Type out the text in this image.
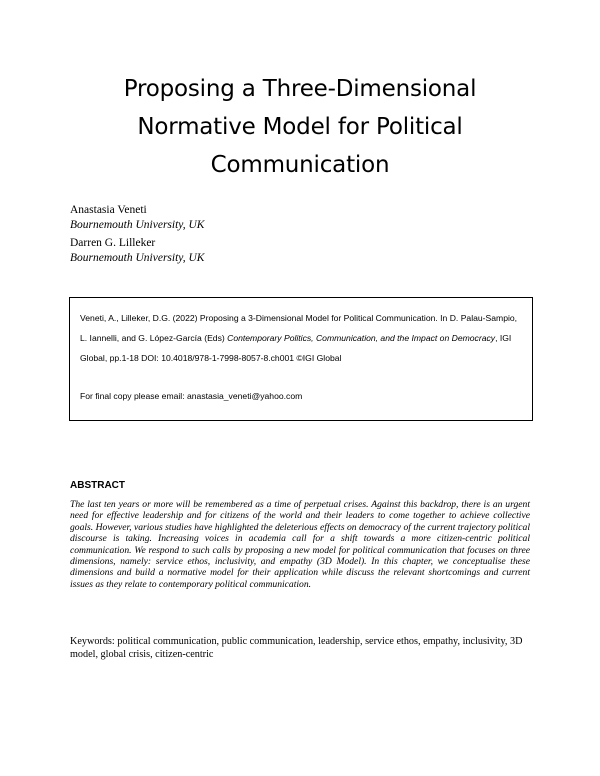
Proposing a Three-Dimensional
Normative Model for Political
Communication
Anastasia Veneti
Bournemouth University, UK
Darren G. Lilleker
Bournemouth University, UK
Veneti, A., Lilleker, D.G. (2022) Proposing a 3-Dimensional Model for Political Communication. In D. Palau-Sampio, L. Iannelli, and G. López-García (Eds) Contemporary Politics, Communication, and the Impact on Democracy, IGI Global, pp.1-18 DOI: 10.4018/978-1-7998-8057-8.ch001 ©IGI Global
For final copy please email: anastasia_veneti@yahoo.com
ABSTRACT
The last ten years or more will be remembered as a time of perpetual crises. Against this backdrop, there is an urgent need for effective leadership and for citizens of the world and their leaders to come together to achieve collective goals. However, various studies have highlighted the deleterious effects on democracy of the current trajectory political discourse is taking. Increasing voices in academia call for a shift towards a more citizen-centric political communication. We respond to such calls by proposing a new model for political communication that focuses on three dimensions, namely: service ethos, inclusivity, and empathy (3D Model). In this chapter, we conceptualise these dimensions and build a normative model for their application while discuss the relevant shortcomings and current issues as they relate to contemporary political communication.
Keywords: political communication, public communication, leadership, service ethos, empathy, inclusivity, 3D model, global crisis, citizen-centric
